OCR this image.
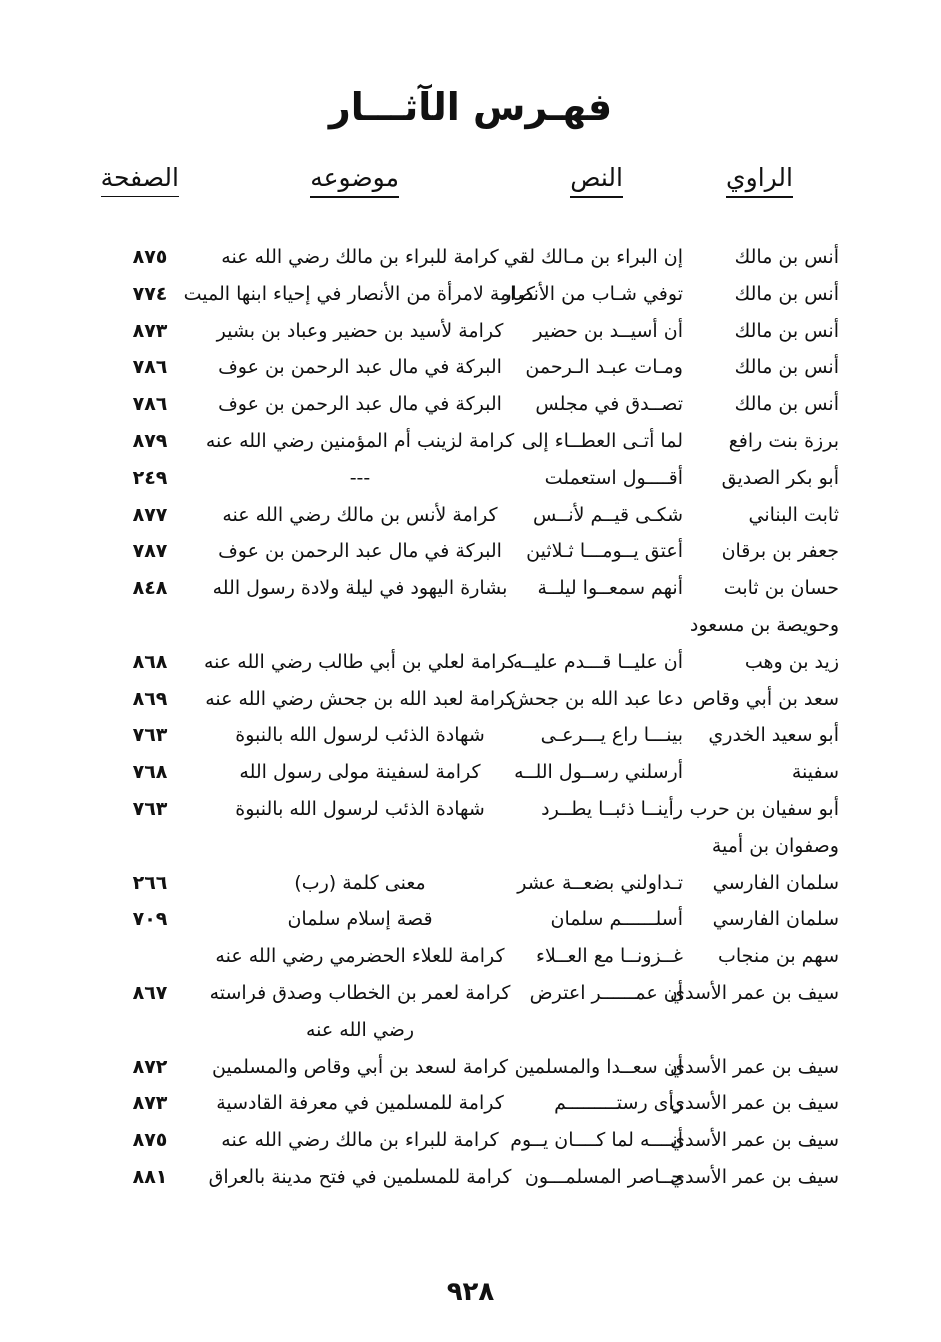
فهـرس الآثـــار
الراوي
النص
موضوعه
الصفحة
أنس بن مالك
إن البراء بن مـالك لقي
كرامة للبراء بن مالك رضي الله عنه
٨٧٥
أنس بن مالك
توفي شـاب من الأنصار
كرامة لامرأة من الأنصار في إحياء ابنها الميت
٧٧٤
أنس بن مالك
أن أسيــد بن حضير
كرامة لأسيد بن حضير وعباد بن بشير
٨٧٣
أنس بن مالك
ومـات عبـد الـرحمن
البركة في مال عبد الرحمن بن عوف
٧٨٦
أنس بن مالك
تصــدق في مجلس
البركة في مال عبد الرحمن بن عوف
٧٨٦
برزة بنت رافع
لما أتـى العطــاء إلى
كرامة لزينب أم المؤمنين رضي الله عنه
٨٧٩
أبو بكر الصديق
أقــــول استعملت
---
٢٤٩
ثابت البناني
شكـى قيــم لأنــس
كرامة لأنس بن مالك رضي الله عنه
٨٧٧
جعفر بن برقان
أعتق يــومـــا ثـلاثين
البركة في مال عبد الرحمن بن عوف
٧٨٧
حسان بن ثابت
أنهم سمعــوا ليلــة
بشارة اليهود في ليلة ولادة رسول الله
٨٤٨
وحويصة بن مسعود
زيد بن وهب
أن عليــا قـــدم عليــه
كرامة لعلي بن أبي طالب رضي الله عنه
٨٦٨
سعد بن أبي وقاص
دعا عبد الله بن جحش
كرامة لعبد الله بن جحش رضي الله عنه
٨٦٩
أبو سعيد الخدري
بينـــا راع يـــرعـى
شهادة الذئب لرسول الله بالنبوة
٧٦٣
سفينة
أرسلني رســول اللــه
كرامة لسفينة مولى رسول الله
٧٦٨
أبو سفيان بن حرب
رأينــا ذئبــا يطــرد
شهادة الذئب لرسول الله بالنبوة
٧٦٣
وصفوان بن أمية
سلمان الفارسي
تـداولني بضعــة عشر
معنى كلمة (رب)
٢٦٦
سلمان الفارسي
أسلــــــم سلمان
قصة إسلام سلمان
٧٠٩
سهم بن منجاب
غــزونــا مع العــلاء
كرامة للعلاء الحضرمي رضي الله عنه
سيف بن عمر الأسدي
أن عمــــــر اعترض
كرامة لعمر بن الخطاب وصدق فراسته
٨٦٧
رضي الله عنه
سيف بن عمر الأسدي
أن سعــدا والمسلمين
كرامة لسعد بن أبي وقاص والمسلمين
٨٧٢
سيف بن عمر الأسدي
رأى رستـــــــــم
كرامة للمسلمين في معرفة القادسية
٨٧٣
سيف بن عمر الأسدي
أنــــه لما كــــان يــوم
كرامة للبراء بن مالك رضي الله عنه
٨٧٥
سيف بن عمر الأسدي
حــاصر المسلمـــون
كرامة للمسلمين في فتح مدينة بالعراق
٨٨١
٩٢٨
